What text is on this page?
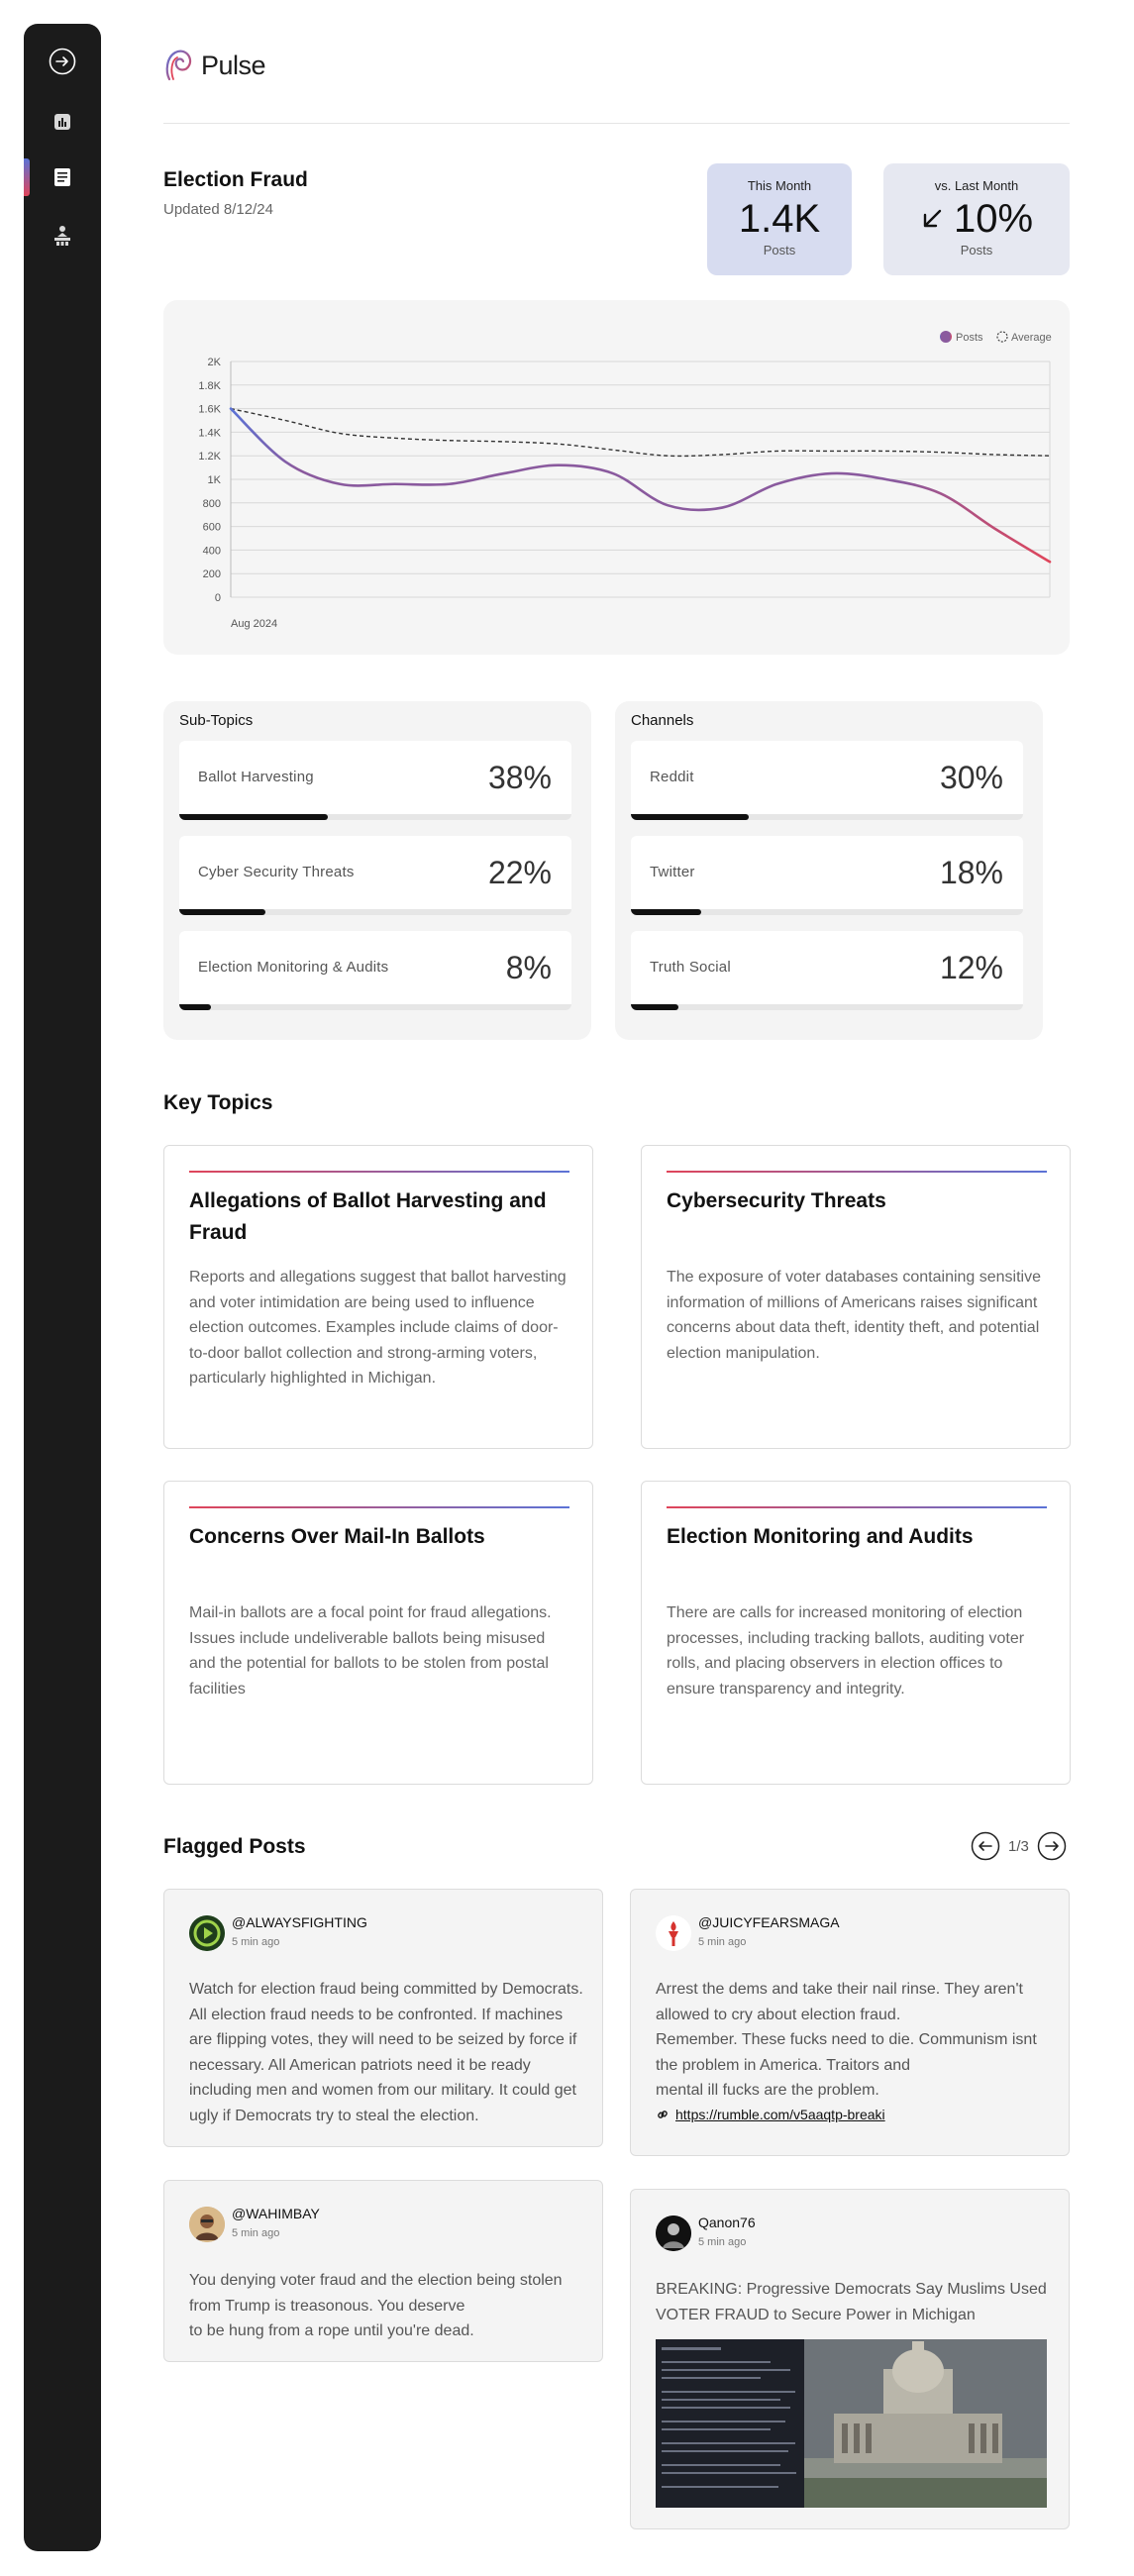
Pulse
Election Fraud
Updated 8/12/24
This Month
1.4K
Posts
vs. Last Month
10%
Posts
0
200
400
600
800
1K
1.2K
1.4K
1.6K
1.8K
2K
Aug 2024
Posts	Average
Sub-Topics
Ballot Harvesting	38%
Cyber Security Threats	22%
Election Monitoring & Audits	8%
Channels
Reddit	30%
Twitter	18%
Truth Social	12%
Key Topics
Allegations of Ballot Harvesting and Fraud
Reports and allegations suggest that ballot harvesting and voter intimidation are being used to influence election outcomes. Examples include claims of door-to-door ballot collection and strong-arming voters, particularly highlighted in Michigan.
Cybersecurity Threats
The exposure of voter databases containing sensitive information of millions of Americans raises significant concerns about data theft, identity theft, and potential election manipulation.
Concerns Over Mail-In Ballots
Mail-in ballots are a focal point for fraud allegations. Issues include undeliverable ballots being misused and the potential for ballots to be stolen from postal facilities
Election Monitoring and Audits
There are calls for increased monitoring of election processes, including tracking ballots, auditing voter rolls, and placing observers in election offices to ensure transparency and integrity.
Flagged Posts	1/3
@ALWAYSFIGHTING
5 min ago
Watch for election fraud being committed by Democrats. All election fraud needs to be confronted. If machines are flipping votes, they will need to be seized by force if necessary. All American patriots need it be ready including men and women from our military. It could get ugly if Democrats try to steal the election.
@JUICYFEARSMAGA
5 min ago
Arrest the dems and take their nail rinse. They aren't allowed to cry about election fraud.
Remember. These fucks need to die. Communism isnt the problem in America. Traitors and
mental ill fucks are the problem.
https://rumble.com/v5aaqtp-breaki
@WAHIMBAY
5 min ago
You denying voter fraud and the election being stolen from Trump is treasonous. You deserve
to be hung from a rope until you're dead.
Qanon76
5 min ago
BREAKING: Progressive Democrats Say Muslims Used VOTER FRAUD to Secure Power in Michigan
